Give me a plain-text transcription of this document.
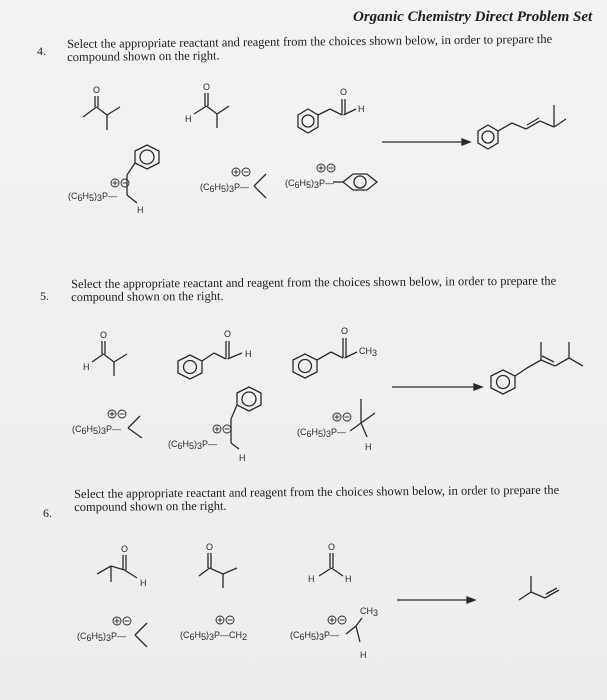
Organic Chemistry Direct Problem Set
4.
Select the appropriate reactant and reagent from the choices shown below, in order to prepare the
compound shown on the right.
O	O
H
O
H
H
(C6H5)3P—
(C6H5)3P—	(C6H5)3P—
5.
Select the appropriate reactant and reagent from the choices shown below, in order to prepare the
compound shown on the right.
O
H
O
H
O
CH3
(C6H5)3P—
H
(C6H5)3P—
(C6H5)3P—
H
6.
Select the appropriate reactant and reagent from the choices shown below, in order to prepare the
compound shown on the right.
O
H
O	O
H	H
(C6H5)3P—	(C6H5)3P—CH2	(C6H5)3P—
CH3
H
